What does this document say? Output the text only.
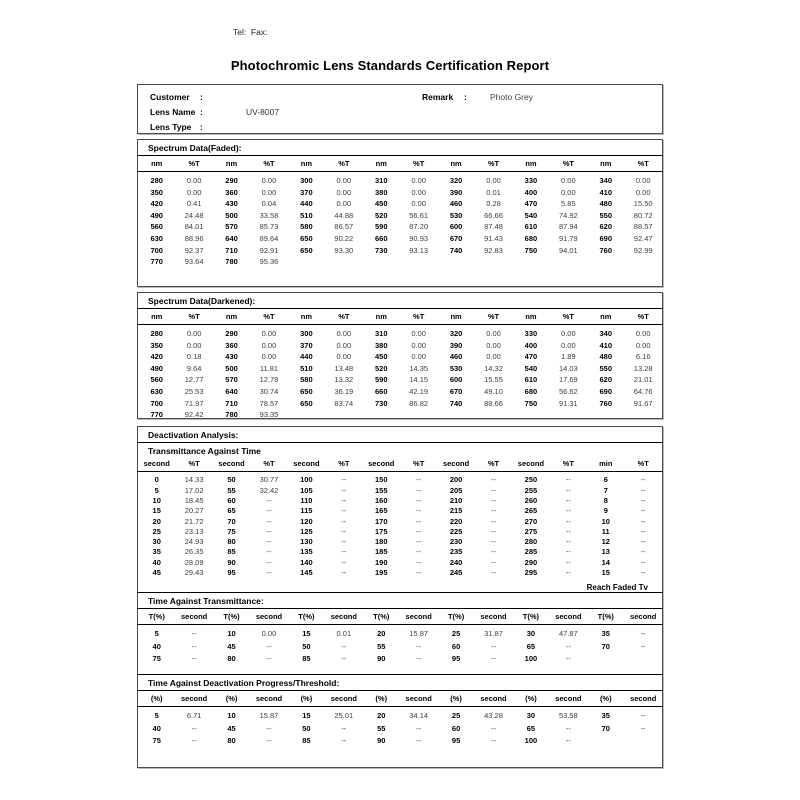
Tel:  Fax:
Photochromic Lens Standards Certification Report
Customer	:	Remark	:	Photo Grey
Lens Name :	UV-8007
Lens Type	:
Spectrum Data(Faded):
nm	%T	nm	%T	nm	%T	nm	%T	nm	%T	nm	%T	nm	%T
280	0.00	290	0.00	300	0.00	310	0.00	320	0.00	330	0.00	340	0.00
350	0.00	360	0.00	370	0.00	380	0.00	390	0.01	400	0.00	410	0.00
420	0.41	430	0.04	440	0.00	450	0.00	460	0.28	470	5.85	480	15.50
490	24.48	500	33.58	510	44.88	520	56.61	530	66.66	540	74.92	550	80.72
560	84.01	570	85.73	580	86.57	590	87.20	600	87.48	610	87.94	620	88.57
630	88.96	640	89.64	650	90.22	660	90.93	670	91.43	680	91.79	690	92.47
700	92.37	710	92.91	650	93.30	730	93.13	740	92.83	750	94.01	760	92.99
770	93.64	780	95.36
Spectrum Data(Darkened):
nm	%T	nm	%T	nm	%T	nm	%T	nm	%T	nm	%T	nm	%T
280	0.00	290	0.00	300	0.00	310	0.00	320	0.00	330	0.00	340	0.00
350	0.00	360	0.00	370	0.00	380	0.00	390	0.00	400	0.00	410	0.00
420	0.18	430	0.00	440	0.00	450	0.00	460	0.00	470	1.89	480	6.16
490	9.64	500	11.81	510	13.48	520	14.35	530	14.32	540	14.03	550	13.28
560	12.77	570	12.78	580	13.32	590	14.15	600	15.55	610	17.69	620	21.01
630	25.53	640	30.74	650	36.19	660	42.19	670	49.10	680	56.62	690	64.76
700	71.97	710	78.57	650	83.74	730	86.82	740	88.66	750	91.31	760	91.67
770	92.42	780	93.35
Deactivation Analysis:
Transmittance Against Time
second	%T	second	%T	second	%T	second	%T	second	%T	second	%T	min	%T
0	14.33	50	30.77	100	--	150	--	200	--	250	--	6	--
5	17.02	55	32.42	105	--	155	--	205	--	255	--	7	--
10	18.45	60	--	110	--	160	--	210	--	260	--	8	--
15	20.27	65	--	115	--	165	--	215	--	265	--	9	--
20	21.72	70	--	120	--	170	--	220	--	270	--	10	--
25	23.13	75	--	125	--	175	--	225	--	275	--	11	--
30	24.93	80	--	130	--	180	--	230	--	280	--	12	--
35	26.35	85	--	135	--	185	--	235	--	285	--	13	--
40	28.09	90	--	140	--	190	--	240	--	290	--	14	--
45	29.43	95	--	145	--	195	--	245	--	295	--	15	--
Reach Faded Tv
Time Against Transmittance:
T(%)	second	T(%)	second	T(%)	second	T(%)	second	T(%)	second	T(%)	second	T(%)	second
5	--	10	0.00	15	0.01	20	15.87	25	31.87	30	47.87	35	--
40	--	45	--	50	--	55	--	60	--	65	--	70	--
75	--	80	--	85	--	90	--	95	--	100	--
Time Against Deactivation Progress/Threshold:
(%)	second	(%)	second	(%)	second	(%)	second	(%)	second	(%)	second	(%)	second
5	6.71	10	15.87	15	25.01	20	34.14	25	43.28	30	53.58	35	--
40	--	45	--	50	--	55	--	60	--	65	--	70	--
75	--	80	--	85	--	90	--	95	--	100	--
